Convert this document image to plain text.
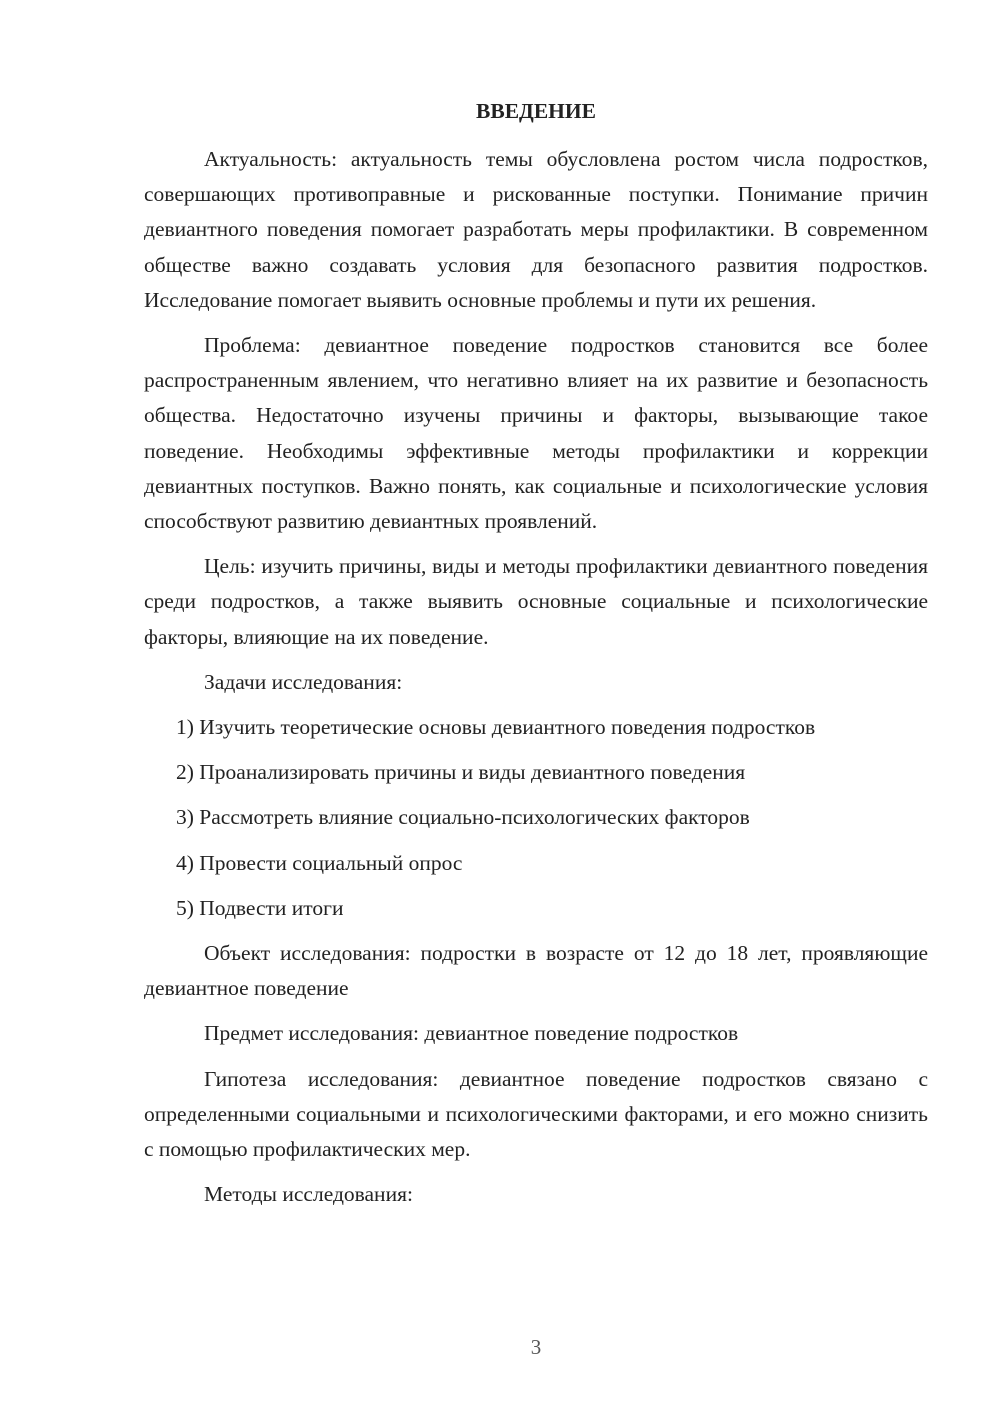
ВВЕДЕНИЕ

Актуальность: актуальность темы обусловлена ростом числа подростков, совершающих противоправные и рискованные поступки. Понимание причин девиантного поведения помогает разработать меры профилактики. В современном обществе важно создавать условия для безопасного развития подростков. Исследование помогает выявить основные проблемы и пути их решения.

Проблема: девиантное поведение подростков становится все более распространенным явлением, что негативно влияет на их развитие и безопасность общества. Недостаточно изучены причины и факторы, вызывающие такое поведение. Необходимы эффективные методы профилактики и коррекции девиантных поступков. Важно понять, как социальные и психологические условия способствуют развитию девиантных проявлений.

Цель: изучить причины, виды и методы профилактики девиантного поведения среди подростков, а также выявить основные социальные и психологические факторы, влияющие на их поведение.

Задачи исследования:

1) Изучить теоретические основы девиантного поведения подростков
2) Проанализировать причины и виды девиантного поведения
3) Рассмотреть влияние социально-психологических факторов
4) Провести социальный опрос
5) Подвести итоги

Объект исследования: подростки в возрасте от 12 до 18 лет, проявляющие девиантное поведение

Предмет исследования: девиантное поведение подростков

Гипотеза исследования: девиантное поведение подростков связано с определенными социальными и психологическими факторами, и его можно снизить с помощью профилактических мер.

Методы исследования:

3
